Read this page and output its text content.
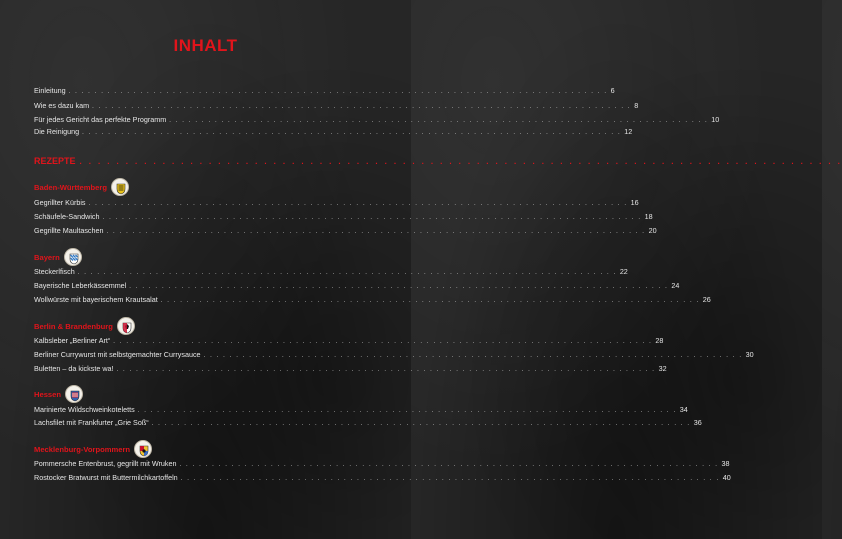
INHALT
Einleitung . . . . . . . . . . . . . . . . . . . . . . . . . . . . . . . . . . . . . . . . . . . . . . . . . . . . . . . . . . . . . . . . . . . . . . . . . . . . . . . . . . . 6
Wie es dazu kam . . . . . . . . . . . . . . . . . . . . . . . . . . . . . . . . . . . . . . . . . . . . . . . . . . . . . . . . . . . . . . . . . . . . . . . . . . . . . . . . . . . 8
Für jedes Gericht das perfekte Programm . . . . . . . . . . . . . . . . . . . . . . . . . . . . . . . . . . . . . . . . . . . . . . . . . . . . . . . . . . . . . . . . . . . . . . . . . . . . . . . . . . . 10
Die Reinigung . . . . . . . . . . . . . . . . . . . . . . . . . . . . . . . . . . . . . . . . . . . . . . . . . . . . . . . . . . . . . . . . . . . . . . . . . . . . . . . . . . . 12
REZEPTE . . . . . . . . . . . . . . . . . . . . . . . . . . . . . . . . . . . . . . . . . . . . . . . . . . . . . . . . . . . . . . . . . . . . . . . . . . . . . . . . . . .
Baden-Württemberg
Gegrillter Kürbis . . . . . . . . . . . . . . . . . . . . . . . . . . . . . . . . . . . . . . . . . . . . . . . . . . . . . . . . . . . . . . . . . . . . . . . . . . . . . . . . . . . 16
Schäufele-Sandwich . . . . . . . . . . . . . . . . . . . . . . . . . . . . . . . . . . . . . . . . . . . . . . . . . . . . . . . . . . . . . . . . . . . . . . . . . . . . . . . . . . . 18
Gegrillte Maultaschen . . . . . . . . . . . . . . . . . . . . . . . . . . . . . . . . . . . . . . . . . . . . . . . . . . . . . . . . . . . . . . . . . . . . . . . . . . . . . . . . . . . 20
Bayern
Steckerlfisch . . . . . . . . . . . . . . . . . . . . . . . . . . . . . . . . . . . . . . . . . . . . . . . . . . . . . . . . . . . . . . . . . . . . . . . . . . . . . . . . . . . 22
Bayerische Leberkässemmel . . . . . . . . . . . . . . . . . . . . . . . . . . . . . . . . . . . . . . . . . . . . . . . . . . . . . . . . . . . . . . . . . . . . . . . . . . . . . . . . . . . 24
Wollwürste mit bayerischem Krautsalat . . . . . . . . . . . . . . . . . . . . . . . . . . . . . . . . . . . . . . . . . . . . . . . . . . . . . . . . . . . . . . . . . . . . . . . . . . . . . . . . . . . 26
Berlin & Brandenburg
Kalbsleber „Berliner Art“ . . . . . . . . . . . . . . . . . . . . . . . . . . . . . . . . . . . . . . . . . . . . . . . . . . . . . . . . . . . . . . . . . . . . . . . . . . . . . . . . . . . 28
Berliner Currywurst mit selbstgemachter Currysauce . . . . . . . . . . . . . . . . . . . . . . . . . . . . . . . . . . . . . . . . . . . . . . . . . . . . . . . . . . . . . . . . . . . . . . . . . . . . . . . . . . . 30
Buletten – da kickste wa! . . . . . . . . . . . . . . . . . . . . . . . . . . . . . . . . . . . . . . . . . . . . . . . . . . . . . . . . . . . . . . . . . . . . . . . . . . . . . . . . . . . 32
Hessen
Marinierte Wildschweinkoteletts . . . . . . . . . . . . . . . . . . . . . . . . . . . . . . . . . . . . . . . . . . . . . . . . . . . . . . . . . . . . . . . . . . . . . . . . . . . . . . . . . . . 34
Lachsfilet mit Frankfurter „Grie Soß“ . . . . . . . . . . . . . . . . . . . . . . . . . . . . . . . . . . . . . . . . . . . . . . . . . . . . . . . . . . . . . . . . . . . . . . . . . . . . . . . . . . . 36
Mecklenburg-Vorpommern
Pommersche Entenbrust, gegrillt mit Wruken . . . . . . . . . . . . . . . . . . . . . . . . . . . . . . . . . . . . . . . . . . . . . . . . . . . . . . . . . . . . . . . . . . . . . . . . . . . . . . . . . . . 38
Rostocker Bratwurst mit Buttermilchkartoffeln . . . . . . . . . . . . . . . . . . . . . . . . . . . . . . . . . . . . . . . . . . . . . . . . . . . . . . . . . . . . . . . . . . . . . . . . . . . . . . . . . . . 40
